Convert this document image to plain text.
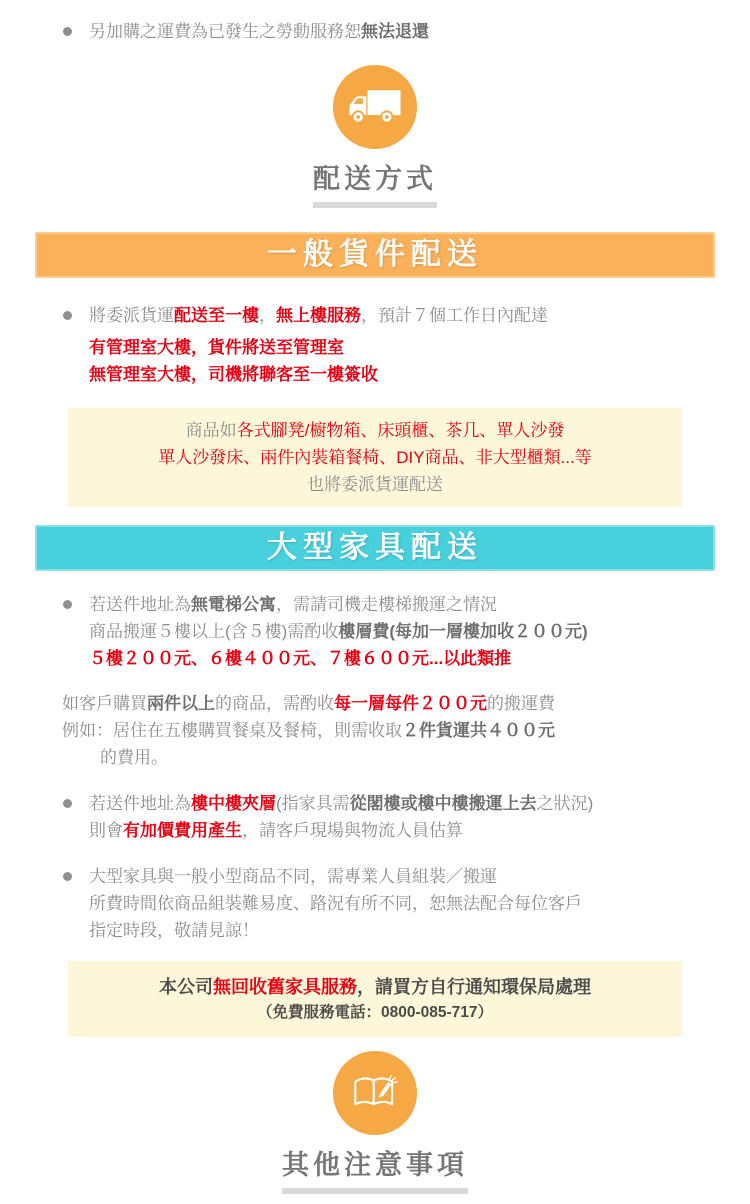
另加購之運費為已發生之勞動服務恕無法退還

配送方式
一般貨件配送

將委派貨運配送至一樓，無上樓服務，預計７個工作日內配達

有管理室大樓，貨件將送至管理室

無管理室大樓，司機將聯客至一樓簽收

商品如各式腳凳/櫥物箱、床頭櫃、茶几、單人沙發

單人沙發床、兩件內裝箱餐椅、DIY商品、非大型櫃類...等

也將委派貨運配送

大型家具配送

若送件地址為無電梯公寓，需請司機走樓梯搬運之情況

商品搬運５樓以上(含５樓)需酌收樓層費(每加一層樓加收２００元)

５樓２００元、６樓４００元、７樓６００元...以此類推

如客戶購買兩件以上的商品，需酌收每一層每件２００元的搬運費

例如：居住在五樓購買餐桌及餐椅，則需收取２件貨運共４００元

的費用。

若送件地址為樓中樓夾層(指家具需從閣樓或樓中樓搬運上去之狀況)

則會有加價費用產生，請客戶現場與物流人員估算

大型家具與一般小型商品不同，需專業人員組裝／搬運

所費時間依商品組裝難易度、路況有所不同，恕無法配合每位客戶

指定時段，敬請見諒！

本公司無回收舊家具服務，請買方自行通知環保局處理

（免費服務電話：0800-085-717）

其他注意事項
